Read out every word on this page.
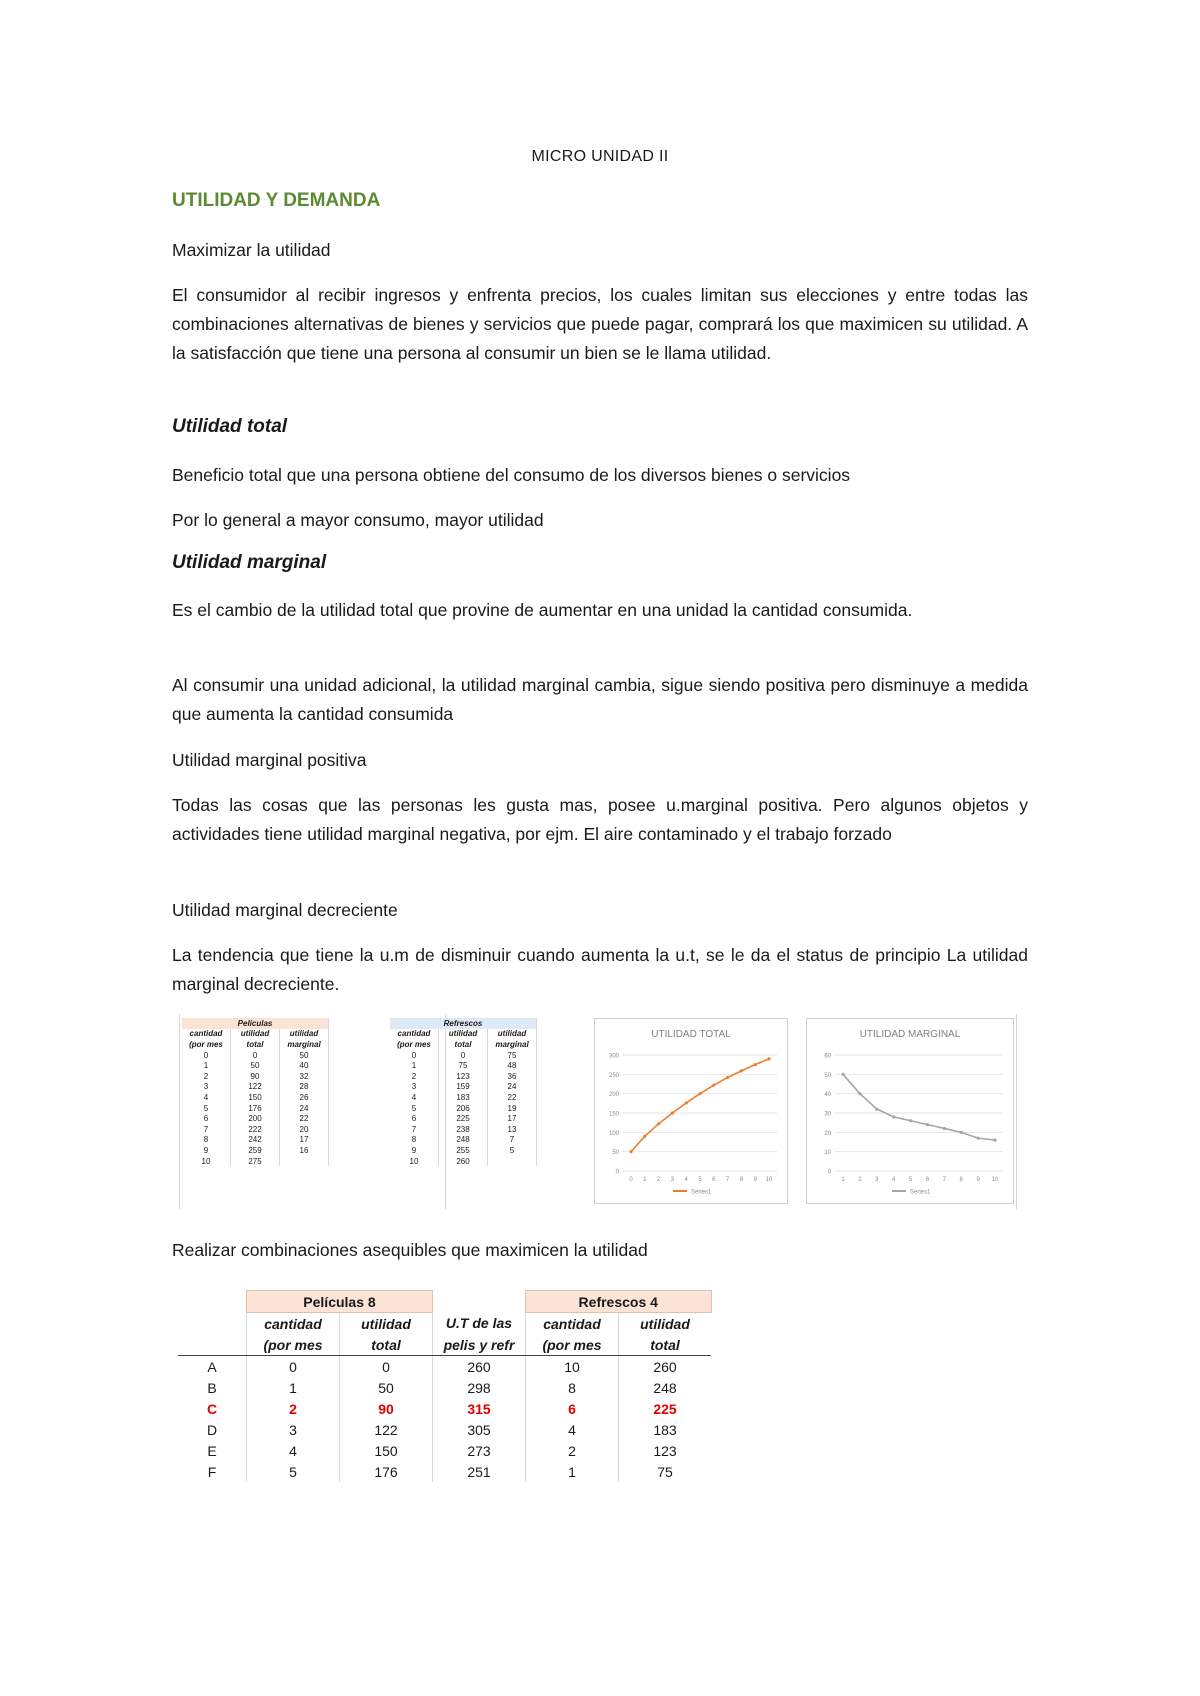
MICRO UNIDAD II
UTILIDAD Y DEMANDA
Maximizar la utilidad
El consumidor al recibir ingresos y enfrenta precios, los cuales limitan sus elecciones y entre todas las combinaciones alternativas de bienes y servicios que puede pagar, comprará los que maximicen su utilidad. A la satisfacción que tiene una persona al consumir un bien se le llama utilidad.
Utilidad total
Beneficio total que una persona obtiene del consumo de los diversos bienes o servicios
Por lo general a mayor consumo, mayor utilidad
Utilidad marginal
Es el cambio de la utilidad total que provine de aumentar en una unidad la cantidad consumida.
Al consumir una unidad adicional, la utilidad marginal cambia, sigue siendo positiva pero disminuye a medida que aumenta la cantidad consumida
Utilidad marginal positiva
Todas las cosas que las personas les gusta mas, posee u.marginal positiva. Pero algunos objetos y actividades tiene utilidad marginal negativa, por ejm. El aire contaminado y el trabajo forzado
Utilidad marginal decreciente
La tendencia que tiene la u.m de disminuir cuando aumenta la u.t, se le da el status de principio La utilidad marginal decreciente.
Películas		
cantidad	utilidad	utilidad
(por mes	total	marginal
0	0	50
1	50	40
2	90	32
3	122	28
4	150	26
5	176	24
6	200	22
7	222	20
8	242	17
9	259	16
10	275	
Refrescos		
cantidad	utilidad	utilidad
(por mes	total	marginal
0	0	75
1	75	48
2	123	36
3	159	24
4	183	22
5	206	19
6	225	17
7	238	13
8	248	7
9	255	5
10	260	
UTILIDAD TOTAL
0
50
100
150
200
250
300
0 1 2 3 4 5 6 7 8 9 10
Series1
UTILIDAD MARGINAL
0
10
20
30
40
50
60
1 2 3 4 5 6 7 8 9 10
Series1
Realizar combinaciones asequibles que maximicen la utilidad
	Películas 8			Refrescos 4	
	cantidad	utilidad	U.T de las	cantidad	utilidad
	(por mes	total	pelis y refr	(por mes	total
A	0	0	260	10	260
B	1	50	298	8	248
C	2	90	315	6	225
D	3	122	305	4	183
E	4	150	273	2	123
F	5	176	251	1	75
